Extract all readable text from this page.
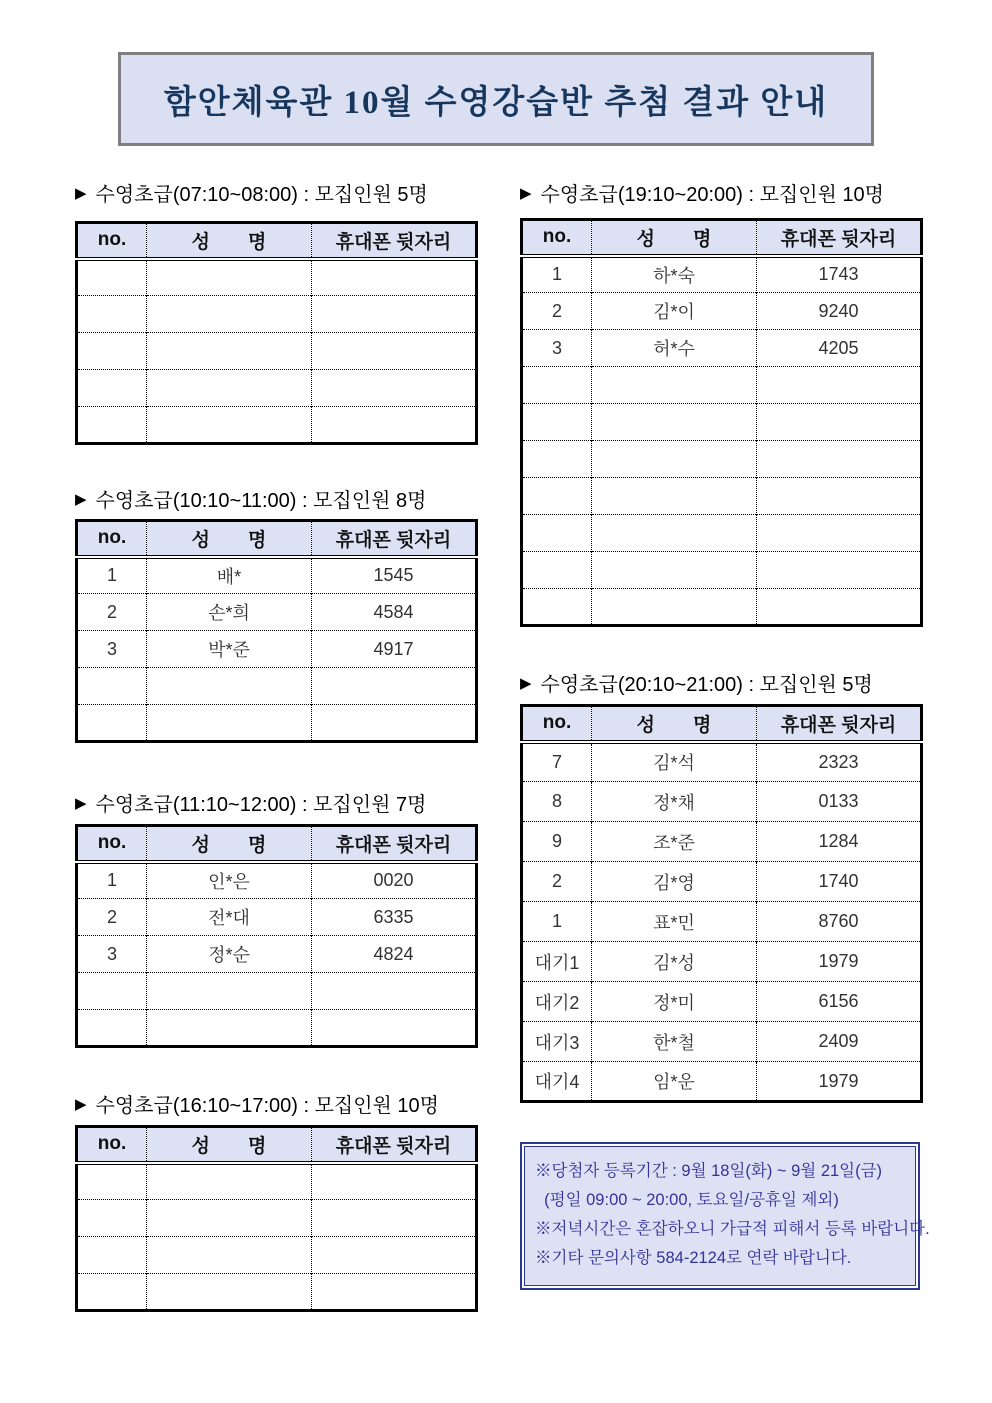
함안체육관 10월 수영강습반 추첨 결과 안내
▶ 수영초급(07:10~08:00) : 모집인원 5명
▶ 수영초급(10:10~11:00) : 모집인원 8명
▶ 수영초급(11:10~12:00) : 모집인원 7명
▶ 수영초급(16:10~17:00) : 모집인원 10명
▶ 수영초급(19:10~20:00) : 모집인원 10명
▶ 수영초급(20:10~21:00) : 모집인원 5명
no.	성　　명	휴대폰 뒷자리

no.	성　　명	휴대폰 뒷자리
1	배*	1545
2	손*희	4584
3	박*준	4917

no.	성　　명	휴대폰 뒷자리
1	인*은	0020
2	전*대	6335
3	정*순	4824

no.	성　　명	휴대폰 뒷자리

no.	성　　명	휴대폰 뒷자리
1	하*숙	1743
2	김*이	9240
3	허*수	4205

no.	성　　명	휴대폰 뒷자리
7	김*석	2323
8	정*채	0133
9	조*준	1284
2	김*영	1740
1	표*민	8760
대기1	김*성	1979
대기2	정*미	6156
대기3	한*철	2409
대기4	임*운	1979
※당첨자 등록기간 : 9월 18일(화) ~ 9월 21일(금)
(평일 09:00 ~ 20:00, 토요일/공휴일 제외)
※저녁시간은 혼잡하오니 가급적 피해서 등록 바랍니다.
※기타 문의사항 584-2124로 연락 바랍니다.
